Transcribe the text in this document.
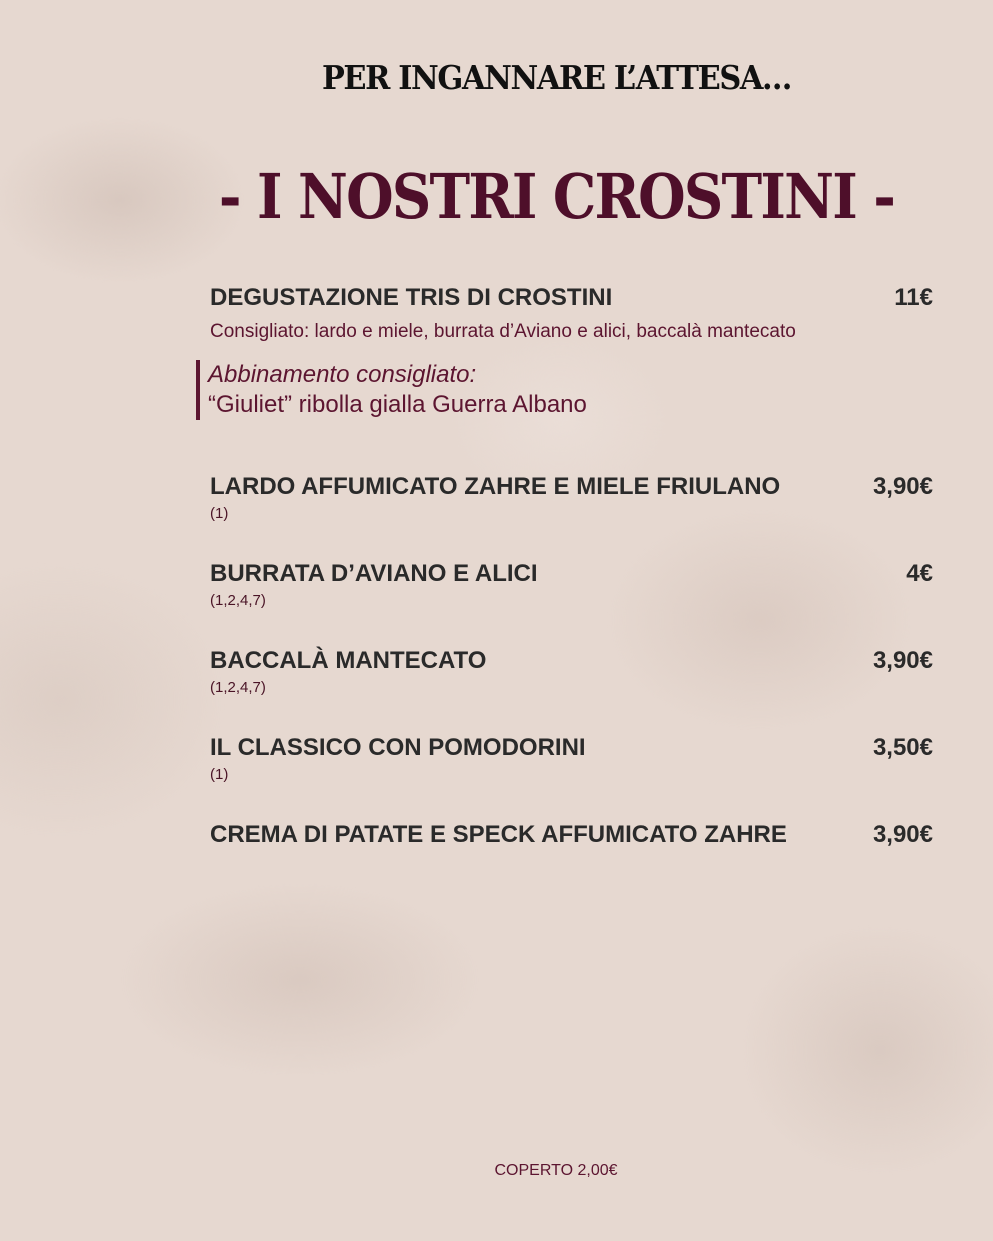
PER INGANNARE L’ATTESA…
- I NOSTRI CROSTINI -
DEGUSTAZIONE TRIS DI CROSTINI	11€
Consigliato: lardo e miele, burrata d’Aviano e alici, baccalà mantecato
Abbinamento consigliato:
“Giuliet” ribolla gialla Guerra Albano
LARDO AFFUMICATO ZAHRE E MIELE FRIULANO	3,90€
(1)
BURRATA D’AVIANO E ALICI	4€
(1,2,4,7)
BACCALÀ MANTECATO	3,90€
(1,2,4,7)
IL CLASSICO CON POMODORINI	3,50€
(1)
CREMA DI PATATE E SPECK AFFUMICATO ZAHRE	3,90€
COPERTO 2,00€
